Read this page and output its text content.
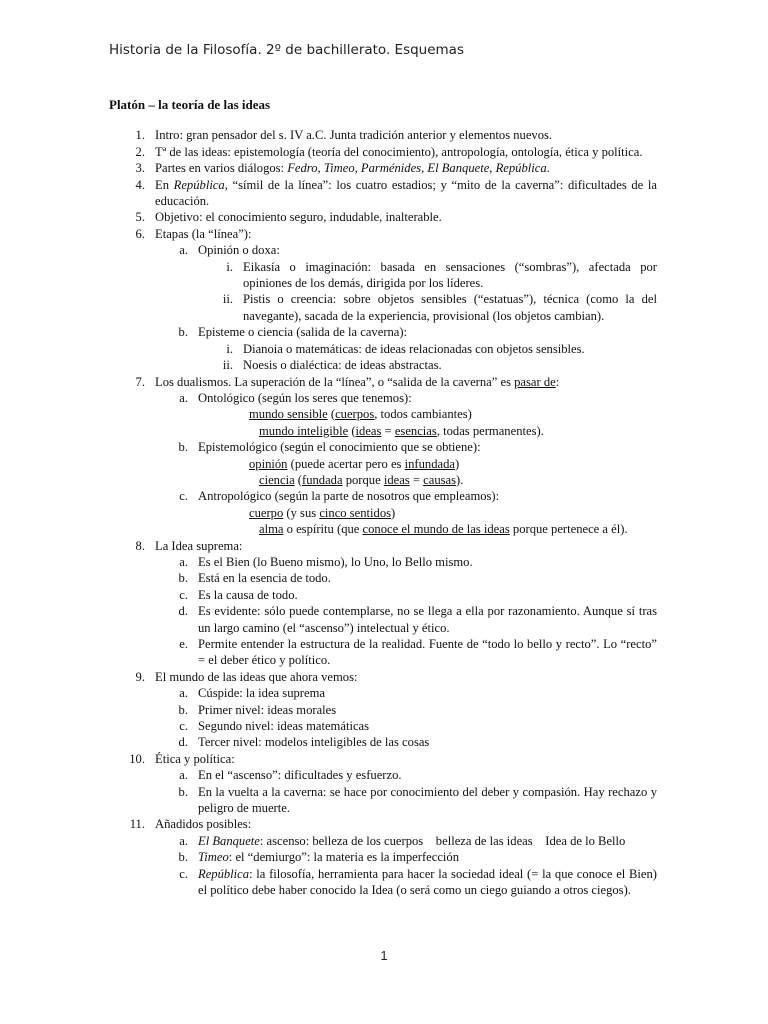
Historia de la Filosofía. 2º de bachillerato. Esquemas
Platón – la teoría de las ideas
1. Intro: gran pensador del s. IV a.C. Junta tradición anterior y elementos nuevos.
2. Tª de las ideas: epistemología (teoría del conocimiento), antropología, ontología, ética y política.
3. Partes en varios diálogos: Fedro, Timeo, Parménides, El Banquete, República.
4. En República, “símil de la línea”: los cuatro estadios; y “mito de la caverna”: dificultades de la educación.
5. Objetivo: el conocimiento seguro, indudable, inalterable.
6. Etapas (la “línea”):
a. Opinión o doxa:
i. Eikasía o imaginación: basada en sensaciones (“sombras”), afectada por opiniones de los demás, dirigida por los líderes.
ii. Pistis o creencia: sobre objetos sensibles (“estatuas”), técnica (como la del navegante), sacada de la experiencia, provisional (los objetos cambian).
b. Episteme o ciencia (salida de la caverna):
i. Dianoia o matemáticas: de ideas relacionadas con objetos sensibles.
ii. Noesis o dialéctica: de ideas abstractas.
7. Los dualismos. La superación de la “línea”, o “salida de la caverna” es pasar de:
a. Ontológico (según los seres que tenemos):
mundo sensible (cuerpos, todos cambiantes)
mundo inteligible (ideas = esencias, todas permanentes).
b. Epistemológico (según el conocimiento que se obtiene):
opinión (puede acertar pero es infundada)
ciencia (fundada porque ideas = causas).
c. Antropológico (según la parte de nosotros que empleamos):
cuerpo (y sus cinco sentidos)
alma o espíritu (que conoce el mundo de las ideas porque pertenece a él).
8. La Idea suprema:
a. Es el Bien (lo Bueno mismo), lo Uno, lo Bello mismo.
b. Está en la esencia de todo.
c. Es la causa de todo.
d. Es evidente: sólo puede contemplarse, no se llega a ella por razonamiento. Aunque sí tras un largo camino (el “ascenso”) intelectual y ético.
e. Permite entender la estructura de la realidad. Fuente de “todo lo bello y recto”. Lo “recto” = el deber ético y político.
9. El mundo de las ideas que ahora vemos:
a. Cúspide: la idea suprema
b. Primer nivel: ideas morales
c. Segundo nivel: ideas matemáticas
d. Tercer nivel: modelos inteligibles de las cosas
10. Ética y política:
a. En el “ascenso”: dificultades y esfuerzo.
b. En la vuelta a la caverna: se hace por conocimiento del deber y compasión. Hay rechazo y peligro de muerte.
11. Añadidos posibles:
a. El Banquete: ascenso: belleza de los cuerpos    belleza de las ideas    Idea de lo Bello
b. Timeo: el “demiurgo”: la materia es la imperfección
c. República: la filosofía, herramienta para hacer la sociedad ideal (= la que conoce el Bien) el político debe haber conocido la Idea (o será como un ciego guiando a otros ciegos).
1
